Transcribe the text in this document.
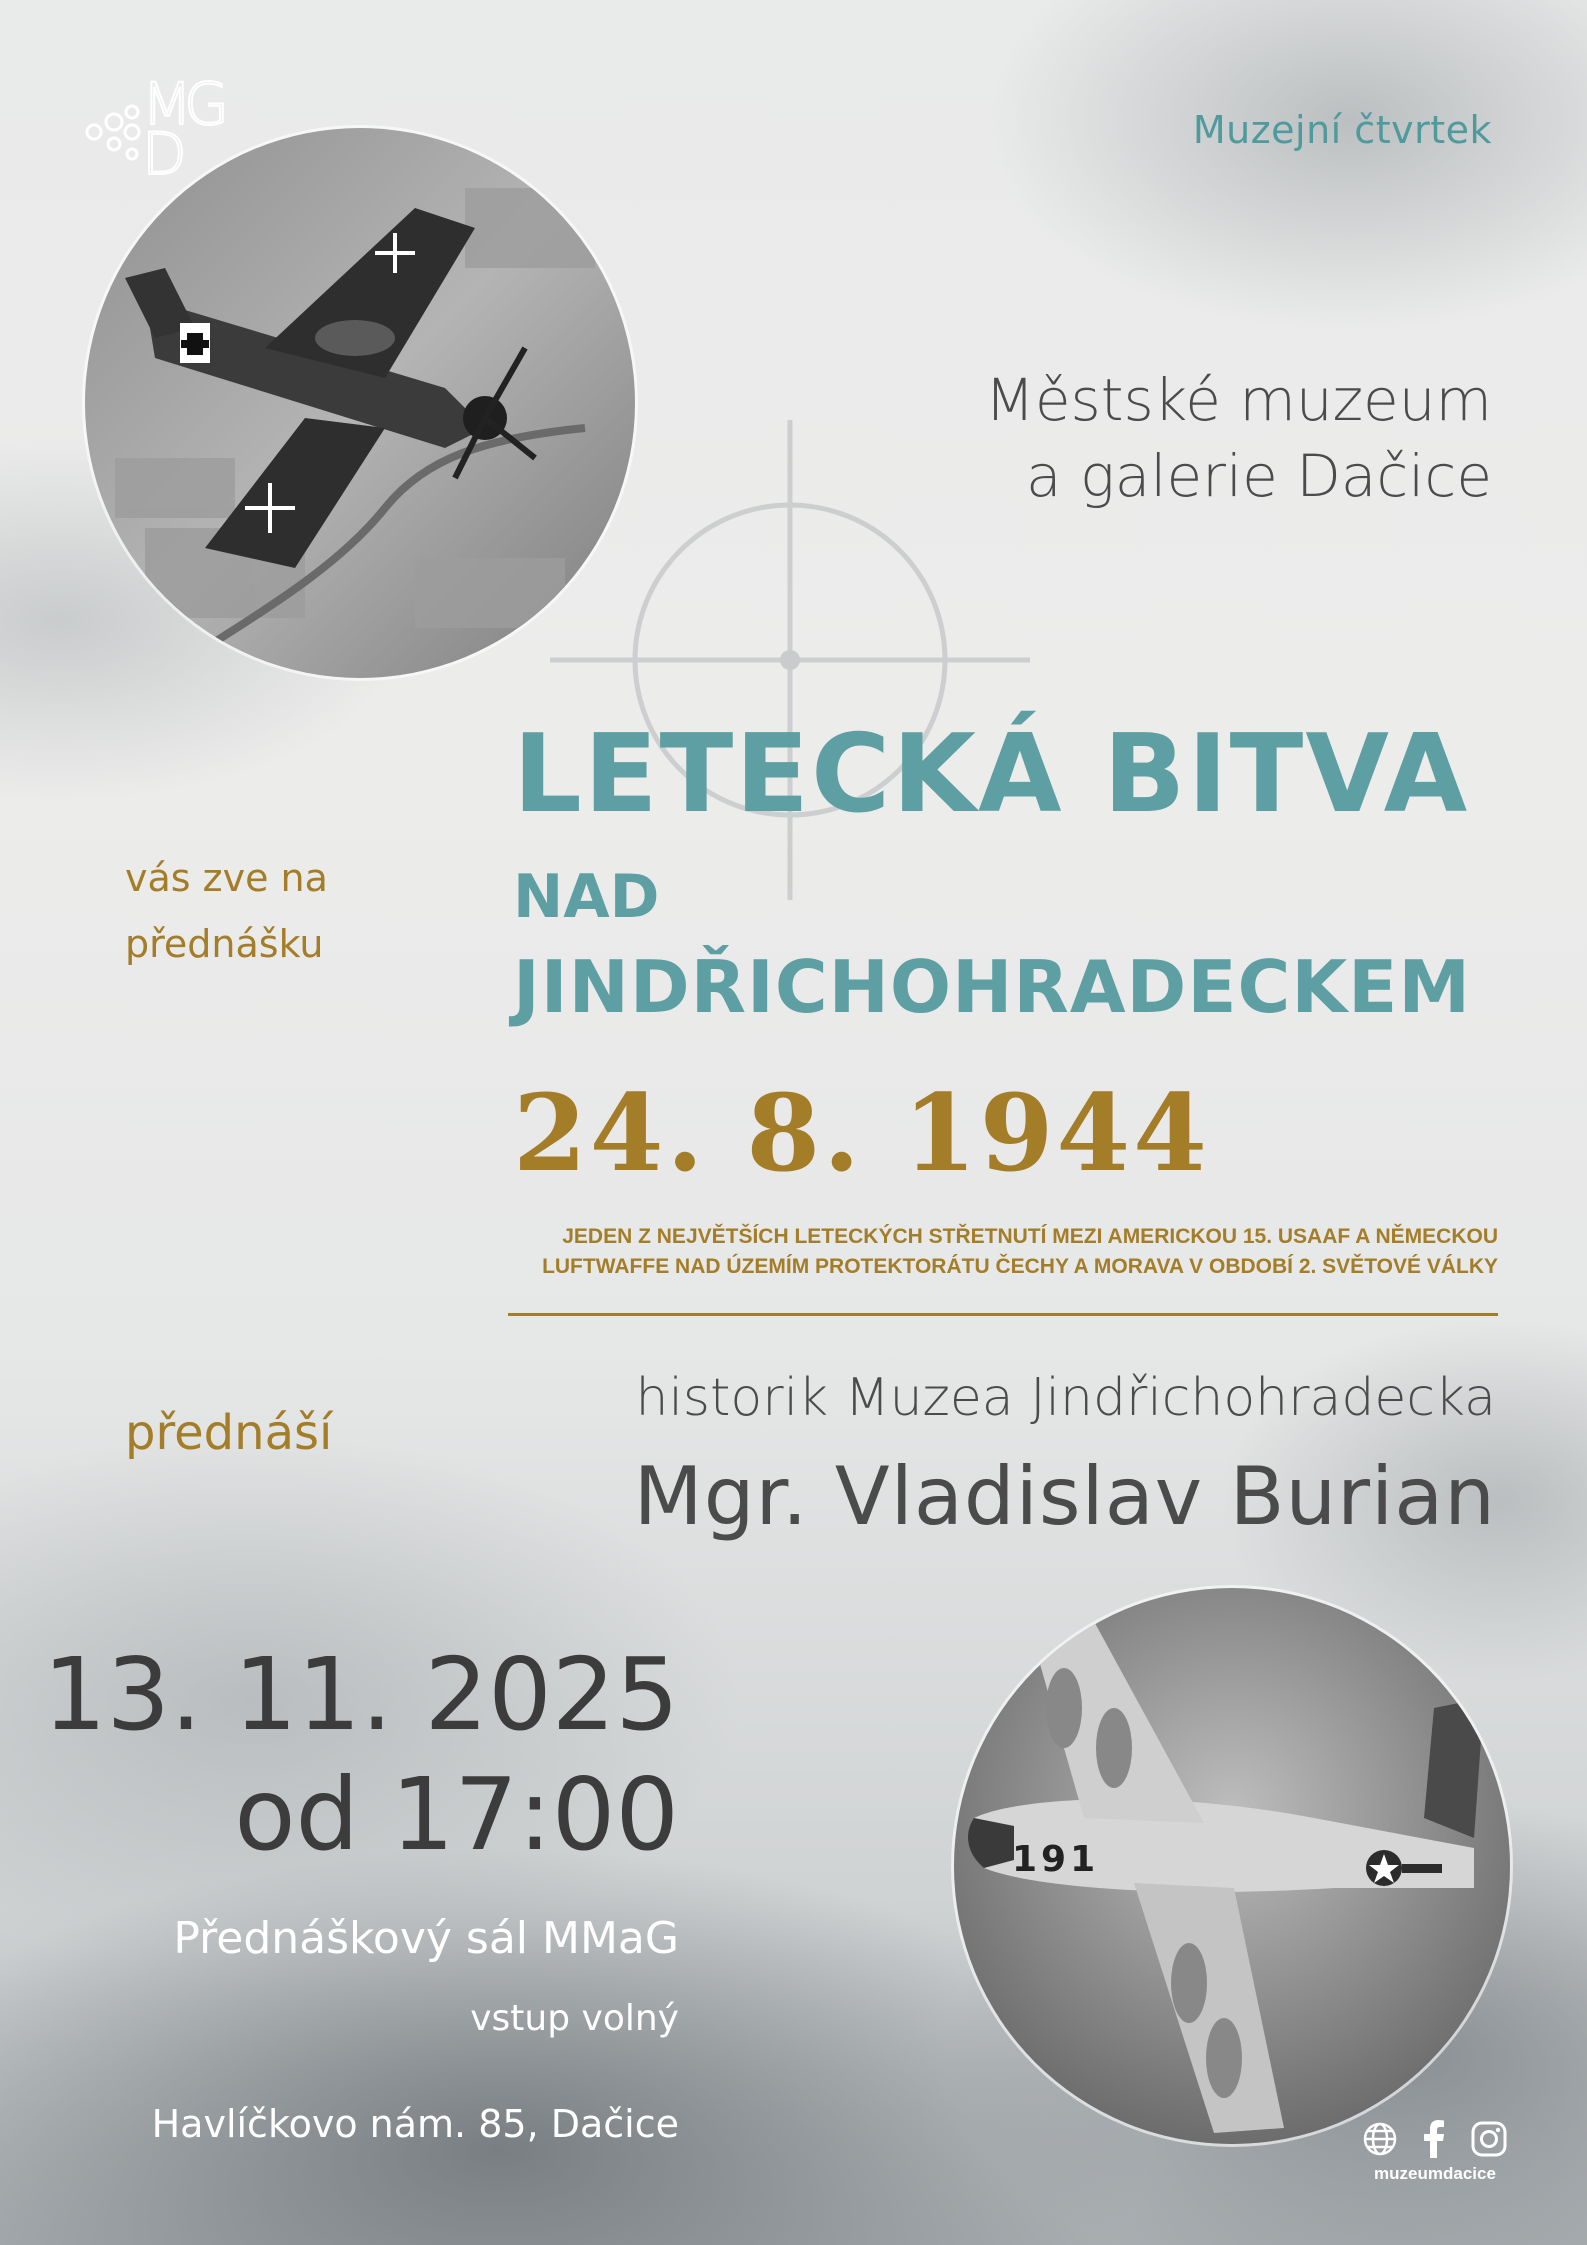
MG
D	Muzejní čtvrtek
Městské muzeum
a galerie Dačice
vás zve na
přednášku
LETECKÁ BITVA
NAD
JINDŘICHOHRADECKEM
24. 8. 1944
JEDEN Z NEJVĚTŠÍCH LETECKÝCH STŘETNUTÍ MEZI AMERICKOU 15. USAAF A NĚMECKOU
LUFTWAFFE NAD ÚZEMÍM PROTEKTORÁTU ČECHY A MORAVA V OBDOBÍ 2. SVĚTOVÉ VÁLKY
přednáší
historik Muzea Jindřichohradecka
Mgr. Vladislav Burian
13. 11. 2025
od 17:00
Přednáškový sál MMaG
vstup volný
Havlíčkovo nám. 85, Dačice
191
muzeumdacice
